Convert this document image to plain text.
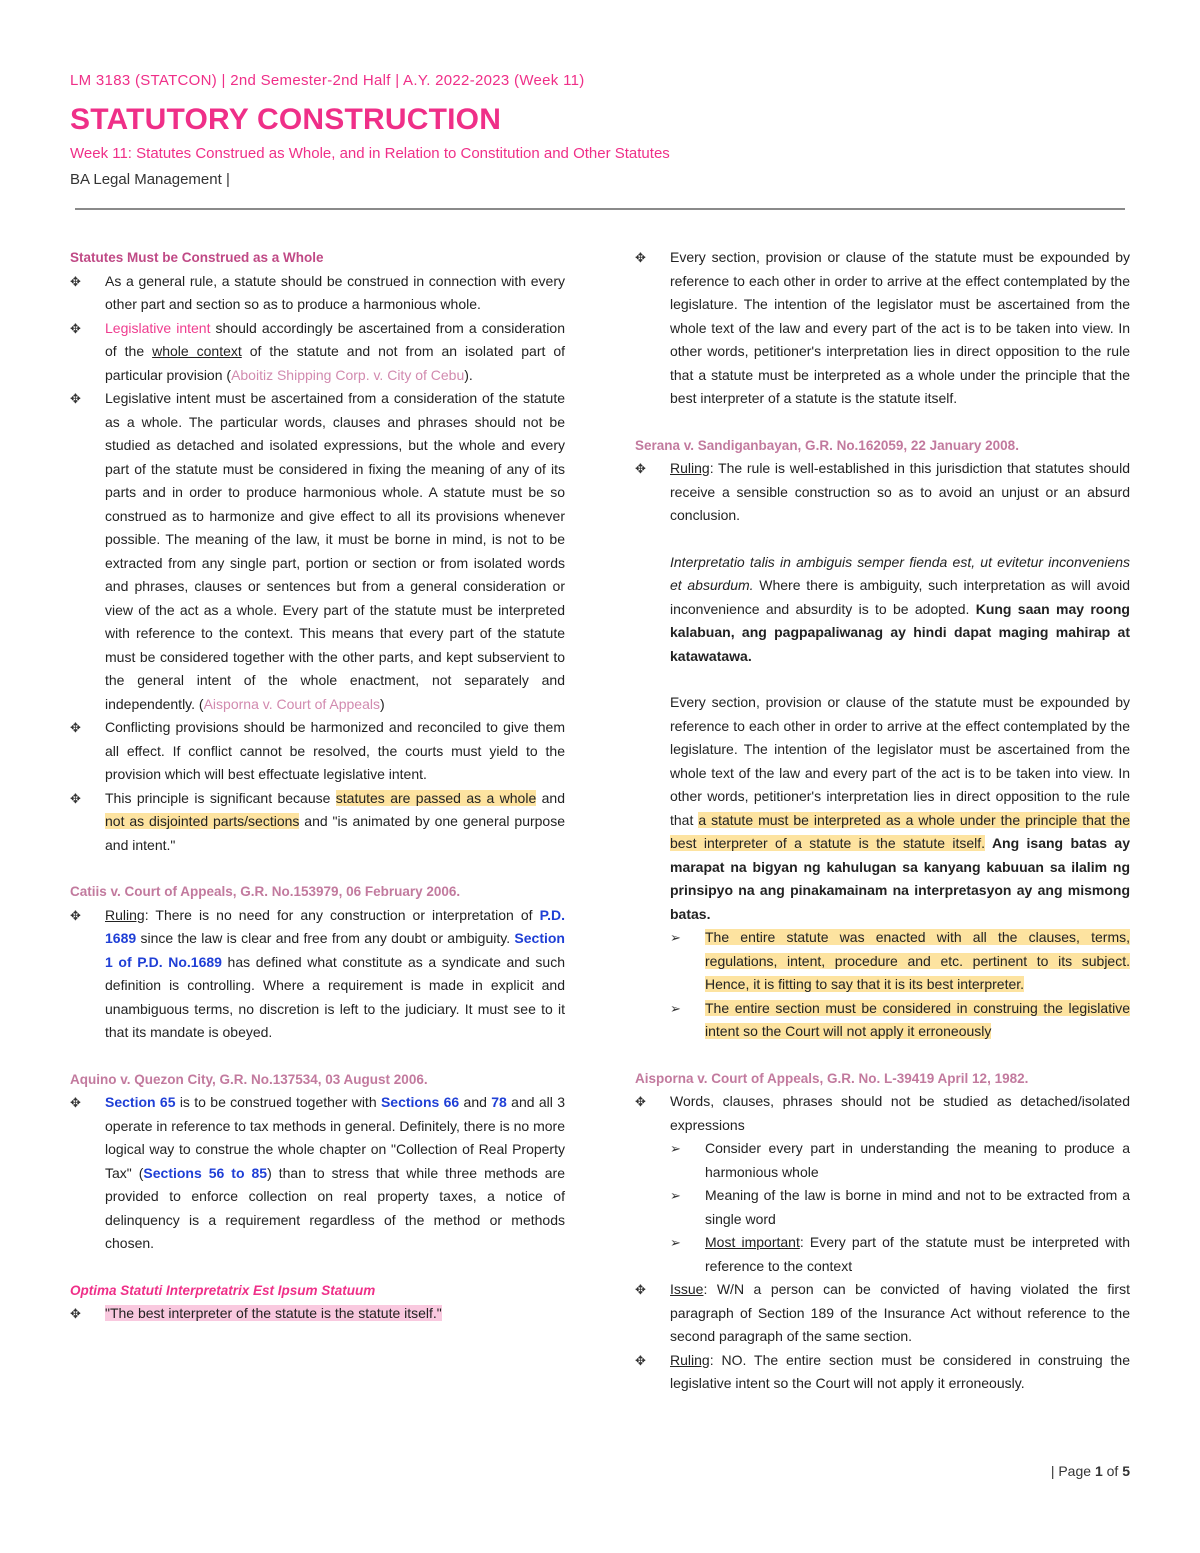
LM 3183 (STATCON) | 2nd Semester-2nd Half | A.Y. 2022-2023 (Week 11)
STATUTORY CONSTRUCTION
Week 11: Statutes Construed as Whole, and in Relation to Constitution and Other Statutes
BA Legal Management |
Statutes Must be Construed as a Whole
✥ As a general rule, a statute should be construed in connection with every other part and section so as to produce a harmonious whole.
✥ Legislative intent should accordingly be ascertained from a consideration of the whole context of the statute and not from an isolated part of particular provision (Aboitiz Shipping Corp. v. City of Cebu).
✥ Legislative intent must be ascertained from a consideration of the statute as a whole. The particular words, clauses and phrases should not be studied as detached and isolated expressions, but the whole and every part of the statute must be considered in fixing the meaning of any of its parts and in order to produce harmonious whole. A statute must be so construed as to harmonize and give effect to all its provisions whenever possible. The meaning of the law, it must be borne in mind, is not to be extracted from any single part, portion or section or from isolated words and phrases, clauses or sentences but from a general consideration or view of the act as a whole. Every part of the statute must be interpreted with reference to the context. This means that every part of the statute must be considered together with the other parts, and kept subservient to the general intent of the whole enactment, not separately and independently. (Aisporna v. Court of Appeals)
✥ Conflicting provisions should be harmonized and reconciled to give them all effect. If conflict cannot be resolved, the courts must yield to the provision which will best effectuate legislative intent.
✥ This principle is significant because statutes are passed as a whole and not as disjointed parts/sections and "is animated by one general purpose and intent."
Catiis v. Court of Appeals, G.R. No.153979, 06 February 2006.
✥ Ruling: There is no need for any construction or interpretation of P.D. 1689 since the law is clear and free from any doubt or ambiguity. Section 1 of P.D. No.1689 has defined what constitute as a syndicate and such definition is controlling. Where a requirement is made in explicit and unambiguous terms, no discretion is left to the judiciary. It must see to it that its mandate is obeyed.
Aquino v. Quezon City, G.R. No.137534, 03 August 2006.
✥ Section 65 is to be construed together with Sections 66 and 78 and all 3 operate in reference to tax methods in general. Definitely, there is no more logical way to construe the whole chapter on "Collection of Real Property Tax" (Sections 56 to 85) than to stress that while three methods are provided to enforce collection on real property taxes, a notice of delinquency is a requirement regardless of the method or methods chosen.
Optima Statuti Interpretatrix Est Ipsum Statuum
✥ "The best interpreter of the statute is the statute itself."
✥ Every section, provision or clause of the statute must be expounded by reference to each other in order to arrive at the effect contemplated by the legislature. The intention of the legislator must be ascertained from the whole text of the law and every part of the act is to be taken into view. In other words, petitioner's interpretation lies in direct opposition to the rule that a statute must be interpreted as a whole under the principle that the best interpreter of a statute is the statute itself.
Serana v. Sandiganbayan, G.R. No.162059, 22 January 2008.
✥ Ruling: The rule is well-established in this jurisdiction that statutes should receive a sensible construction so as to avoid an unjust or an absurd conclusion.
Interpretatio talis in ambiguis semper fienda est, ut evitetur inconveniens et absurdum. Where there is ambiguity, such interpretation as will avoid inconvenience and absurdity is to be adopted. Kung saan may roong kalabuan, ang pagpapaliwanag ay hindi dapat maging mahirap at katawatawa.
Every section, provision or clause of the statute must be expounded by reference to each other in order to arrive at the effect contemplated by the legislature. The intention of the legislator must be ascertained from the whole text of the law and every part of the act is to be taken into view. In other words, petitioner's interpretation lies in direct opposition to the rule that a statute must be interpreted as a whole under the principle that the best interpreter of a statute is the statute itself. Ang isang batas ay marapat na bigyan ng kahulugan sa kanyang kabuuan sa ilalim ng prinsipyo na ang pinakamainam na interpretasyon ay ang mismong batas.
➢ The entire statute was enacted with all the clauses, terms, regulations, intent, procedure and etc. pertinent to its subject. Hence, it is fitting to say that it is its best interpreter.
➢ The entire section must be considered in construing the legislative intent so the Court will not apply it erroneously
Aisporna v. Court of Appeals, G.R. No. L-39419 April 12, 1982.
✥ Words, clauses, phrases should not be studied as detached/isolated expressions
➢ Consider every part in understanding the meaning to produce a harmonious whole
➢ Meaning of the law is borne in mind and not to be extracted from a single word
➢ Most important: Every part of the statute must be interpreted with reference to the context
✥ Issue: W/N a person can be convicted of having violated the first paragraph of Section 189 of the Insurance Act without reference to the second paragraph of the same section.
✥ Ruling: NO. The entire section must be considered in construing the legislative intent so the Court will not apply it erroneously.
| Page 1 of 5
